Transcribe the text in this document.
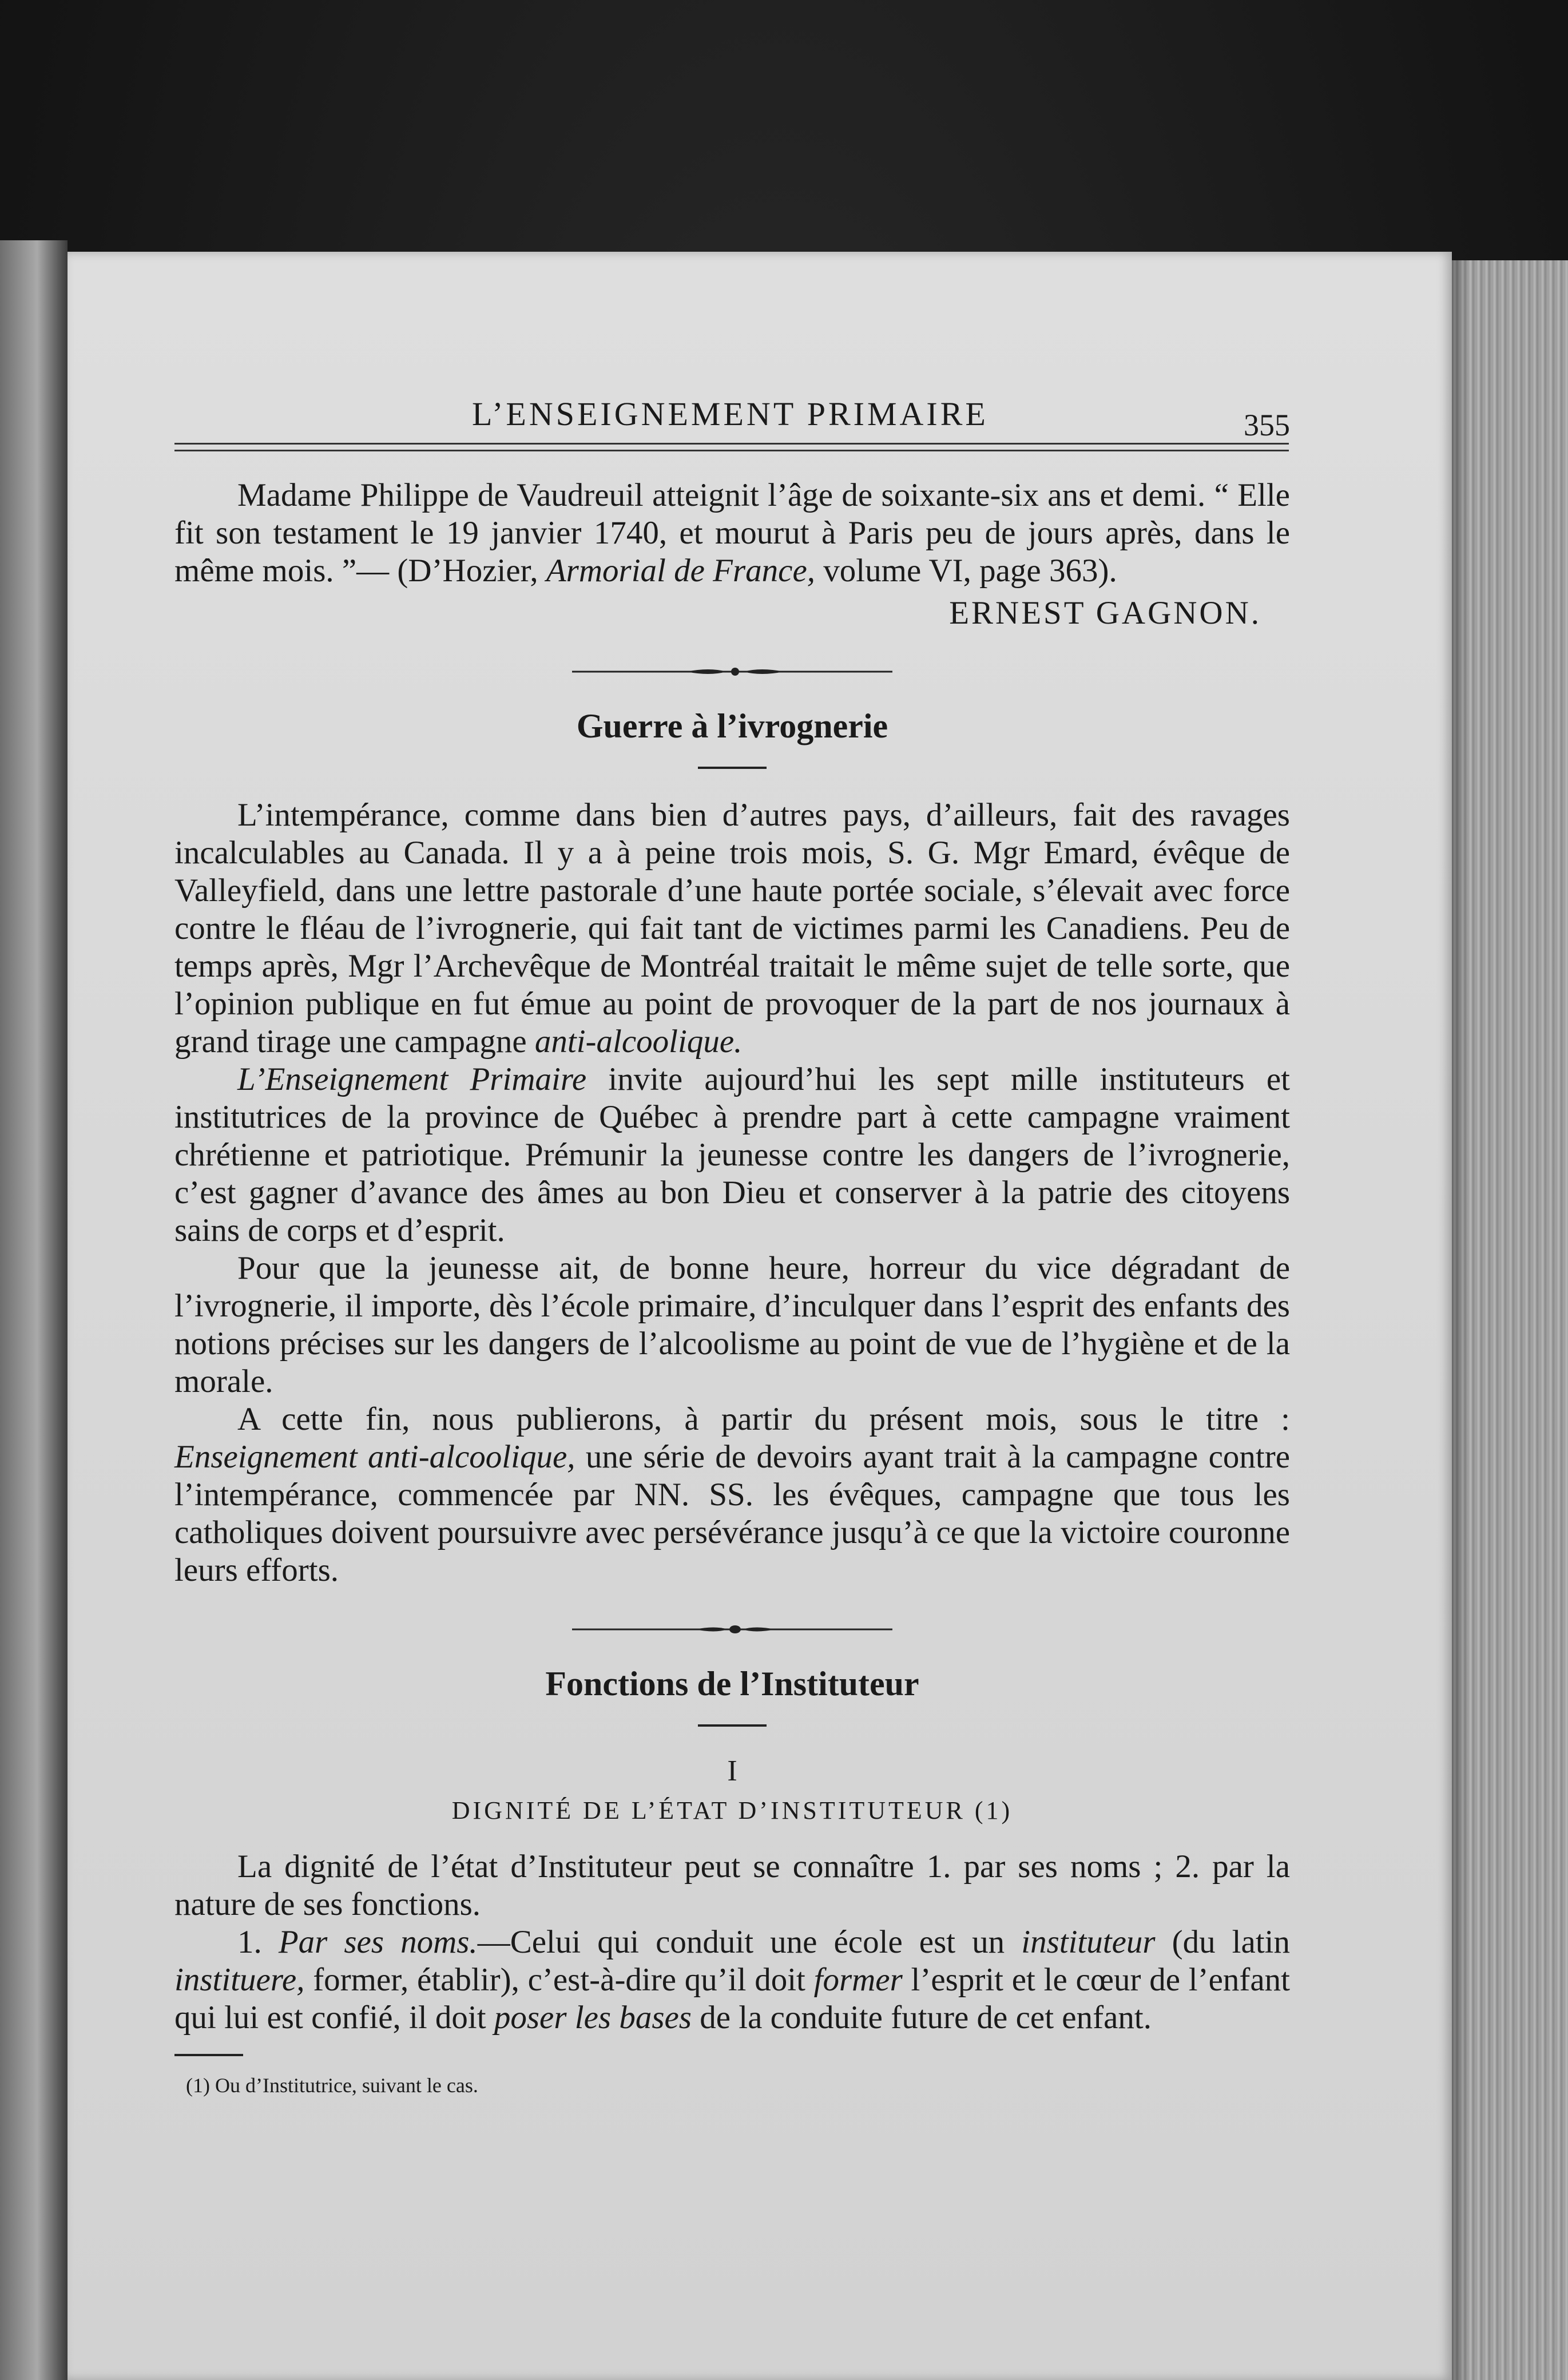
L’ENSEIGNEMENT PRIMAIRE	355

Madame Philippe de Vaudreuil atteignit l’âge de soixante-six ans et demi. “ Elle fit son testament le 19 janvier 1740, et mourut à Paris peu de jours après, dans le même mois. ”— (D’Hozier, Armorial de France, volume VI, page 363).

ERNEST GAGNON.
Guerre à l’ivrognerie

L’intempérance, comme dans bien d’autres pays, d’ailleurs, fait des ravages incalculables au Canada. Il y a à peine trois mois, S. G. Mgr Emard, évêque de Valleyfield, dans une lettre pastorale d’une haute portée sociale, s’élevait avec force contre le fléau de l’ivrognerie, qui fait tant de victimes parmi les Canadiens. Peu de temps après, Mgr l’Archevêque de Montréal traitait le même sujet de telle sorte, que l’opinion publique en fut émue au point de provoquer de la part de nos journaux à grand tirage une campagne anti-alcoolique.

L’Enseignement Primaire invite aujourd’hui les sept mille instituteurs et institutrices de la province de Québec à prendre part à cette campagne vraiment chrétienne et patriotique. Prémunir la jeunesse contre les dangers de l’ivrognerie, c’est gagner d’avance des âmes au bon Dieu et conserver à la patrie des citoyens sains de corps et d’esprit.

Pour que la jeunesse ait, de bonne heure, horreur du vice dégradant de l’ivrognerie, il importe, dès l’école primaire, d’inculquer dans l’esprit des enfants des notions précises sur les dangers de l’alcoolisme au point de vue de l’hygiène et de la morale.

A cette fin, nous publierons, à partir du présent mois, sous le titre : Enseignement anti-alcoolique, une série de devoirs ayant trait à la campagne contre l’intempérance, commencée par NN. SS. les évêques, campagne que tous les catholiques doivent poursuivre avec persévérance jusqu’à ce que la victoire couronne leurs efforts.

Fonctions de l’Instituteur
I
DIGNITÉ DE L’ÉTAT D’INSTITUTEUR (1)

La dignité de l’état d’Instituteur peut se connaître 1. par ses noms ; 2. par la nature de ses fonctions.

1. Par ses noms.—Celui qui conduit une école est un instituteur (du latin instituere, former, établir), c’est-à-dire qu’il doit former l’esprit et le cœur de l’enfant qui lui est confié, il doit poser les bases de la conduite future de cet enfant.

(1) Ou d’Institutrice, suivant le cas.
